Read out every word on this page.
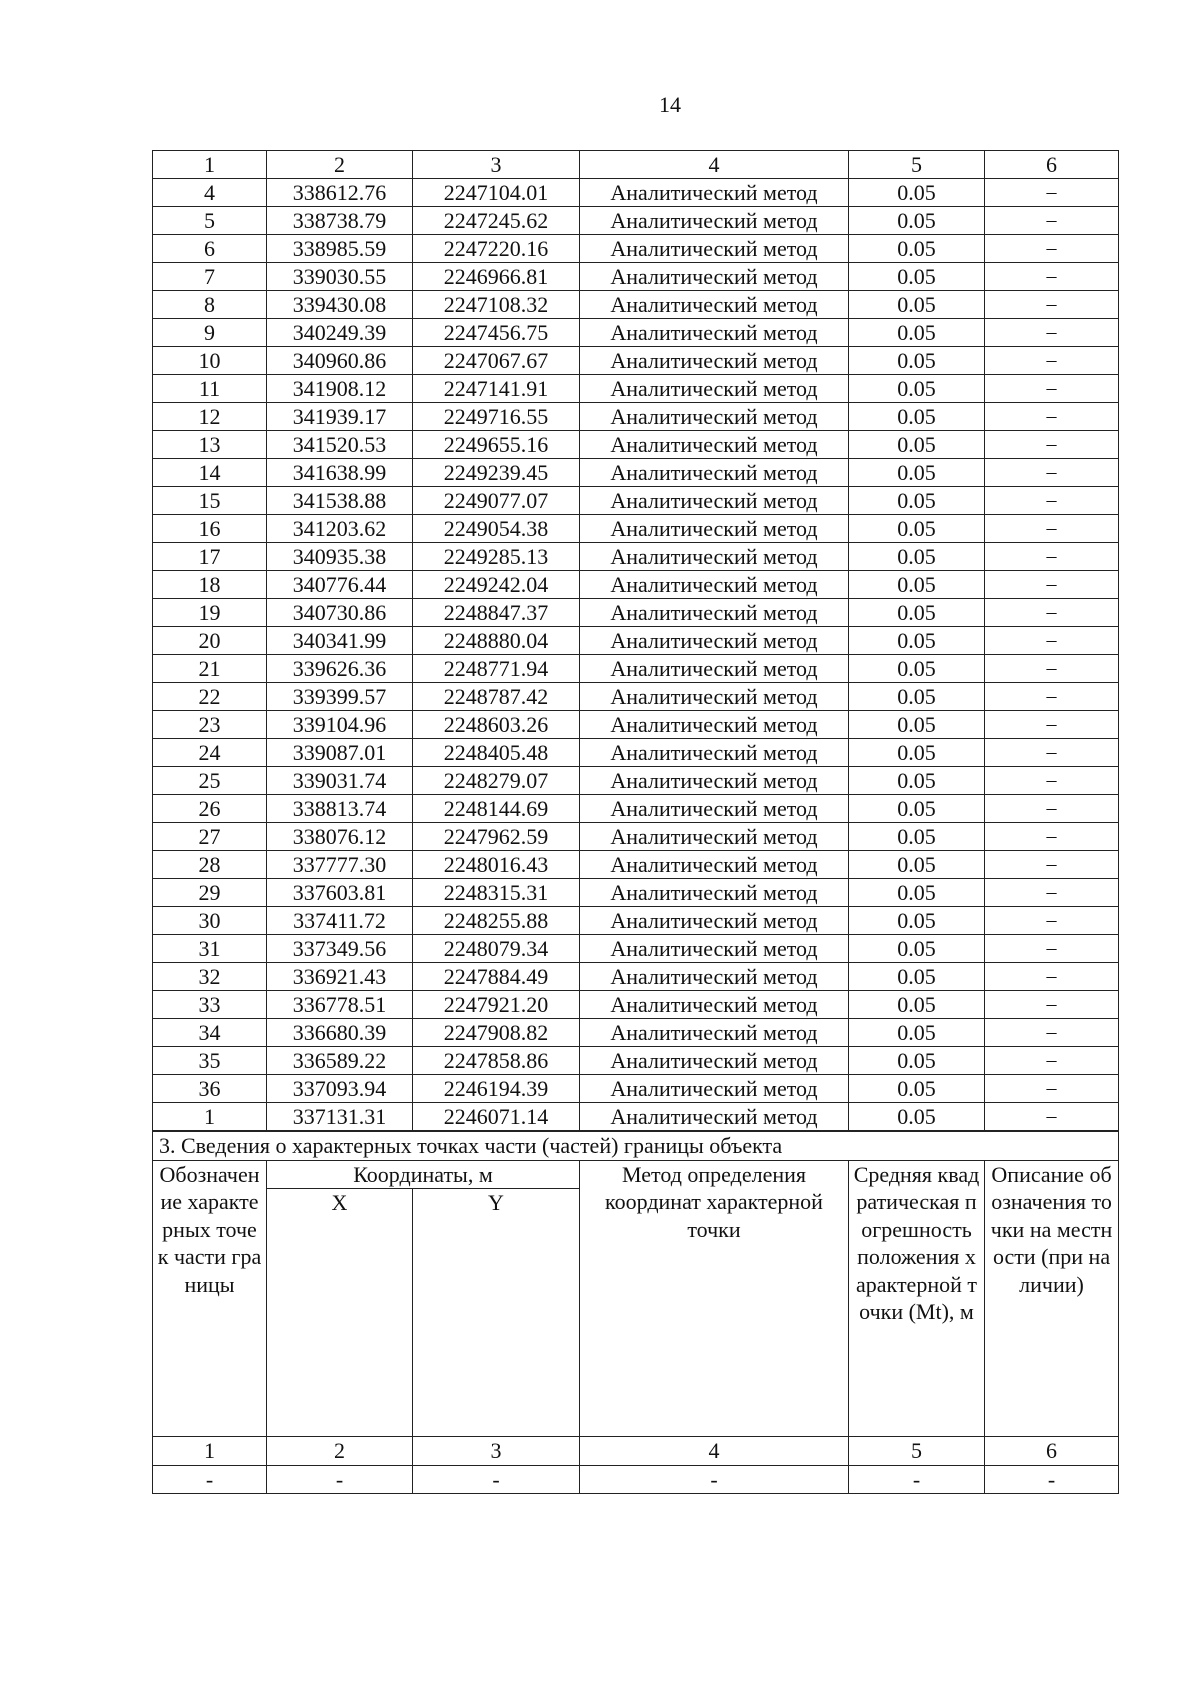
14
1	2	3	4	5	6
4	338612.76	2247104.01	Аналитический метод	0.05	–
5	338738.79	2247245.62	Аналитический метод	0.05	–
6	338985.59	2247220.16	Аналитический метод	0.05	–
7	339030.55	2246966.81	Аналитический метод	0.05	–
8	339430.08	2247108.32	Аналитический метод	0.05	–
9	340249.39	2247456.75	Аналитический метод	0.05	–
10	340960.86	2247067.67	Аналитический метод	0.05	–
11	341908.12	2247141.91	Аналитический метод	0.05	–
12	341939.17	2249716.55	Аналитический метод	0.05	–
13	341520.53	2249655.16	Аналитический метод	0.05	–
14	341638.99	2249239.45	Аналитический метод	0.05	–
15	341538.88	2249077.07	Аналитический метод	0.05	–
16	341203.62	2249054.38	Аналитический метод	0.05	–
17	340935.38	2249285.13	Аналитический метод	0.05	–
18	340776.44	2249242.04	Аналитический метод	0.05	–
19	340730.86	2248847.37	Аналитический метод	0.05	–
20	340341.99	2248880.04	Аналитический метод	0.05	–
21	339626.36	2248771.94	Аналитический метод	0.05	–
22	339399.57	2248787.42	Аналитический метод	0.05	–
23	339104.96	2248603.26	Аналитический метод	0.05	–
24	339087.01	2248405.48	Аналитический метод	0.05	–
25	339031.74	2248279.07	Аналитический метод	0.05	–
26	338813.74	2248144.69	Аналитический метод	0.05	–
27	338076.12	2247962.59	Аналитический метод	0.05	–
28	337777.30	2248016.43	Аналитический метод	0.05	–
29	337603.81	2248315.31	Аналитический метод	0.05	–
30	337411.72	2248255.88	Аналитический метод	0.05	–
31	337349.56	2248079.34	Аналитический метод	0.05	–
32	336921.43	2247884.49	Аналитический метод	0.05	–
33	336778.51	2247921.20	Аналитический метод	0.05	–
34	336680.39	2247908.82	Аналитический метод	0.05	–
35	336589.22	2247858.86	Аналитический метод	0.05	–
36	337093.94	2246194.39	Аналитический метод	0.05	–
1	337131.31	2246071.14	Аналитический метод	0.05	–
3. Сведения о характерных точках части (частей) границы объекта					

Обозначение характерных точек части границы	Координаты, м		Метод определения координат характерной точки	Средняя квадратическая погрешность положения характерной точки (Mt), м	Описание обозначения точки на местности (при наличии)

	X	Y			

1	2	3	4	5	6
-	-	-	-	-	-
